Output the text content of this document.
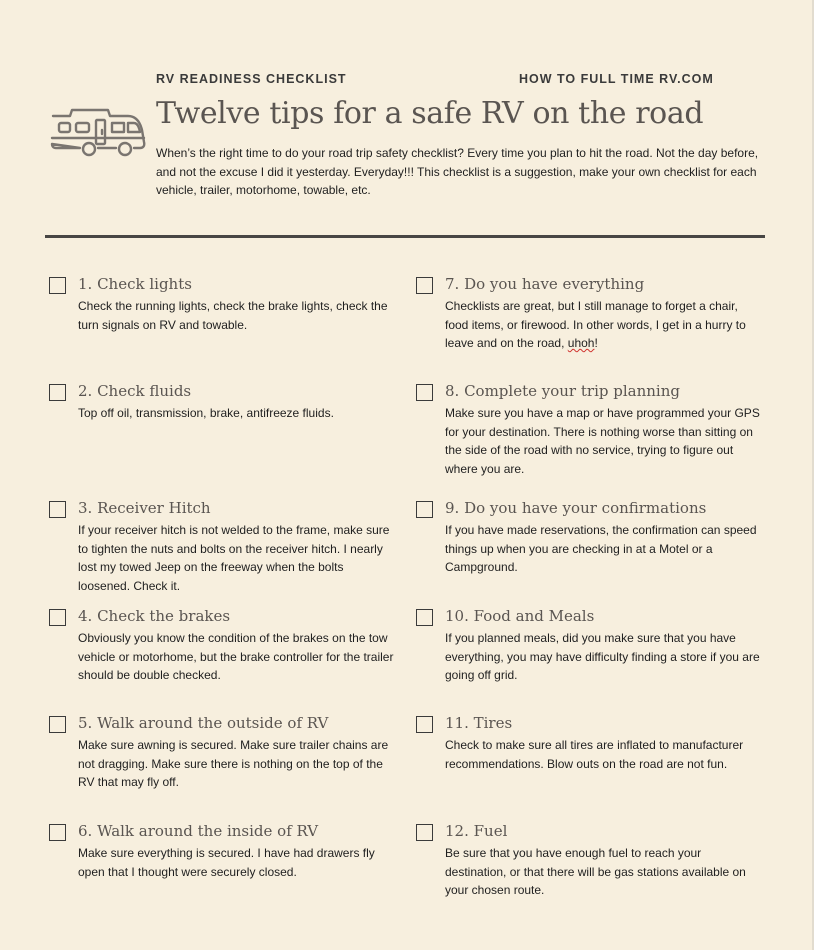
RV READINESS CHECKLIST	HOW TO FULL TIME RV.COM
Twelve tips for a safe RV on the road
When’s the right time to do your road trip safety checklist? Every time you plan to hit the road. Not the day before, and not the excuse I did it yesterday. Everyday!!! This checklist is a suggestion, make your own checklist for each vehicle, trailer, motorhome, towable, etc.
1. Check lights
Check the running lights, check the brake lights, check the turn signals on RV and towable.
2. Check fluids
Top off oil, transmission, brake, antifreeze fluids.
3. Receiver Hitch
If your receiver hitch is not welded to the frame, make sure to tighten the nuts and bolts on the receiver hitch. I nearly lost my towed Jeep on the freeway when the bolts loosened. Check it.
4. Check the brakes
Obviously you know the condition of the brakes on the tow vehicle or motorhome, but the brake controller for the trailer should be double checked.
5. Walk around the outside of RV
Make sure awning is secured. Make sure trailer chains are not dragging. Make sure there is nothing on the top of the RV that may fly off.
6. Walk around the inside of RV
Make sure everything is secured. I have had drawers fly open that I thought were securely closed.
7. Do you have everything
Checklists are great, but I still manage to forget a chair, food items, or firewood. In other words, I get in a hurry to leave and on the road, uhoh!
8. Complete your trip planning
Make sure you have a map or have programmed your GPS for your destination. There is nothing worse than sitting on the side of the road with no service, trying to figure out where you are.
9. Do you have your confirmations
If you have made reservations, the confirmation can speed things up when you are checking in at a Motel or a Campground.
10. Food and Meals
If you planned meals, did you make sure that you have everything, you may have difficulty finding a store if you are going off grid.
11. Tires
Check to make sure all tires are inflated to manufacturer recommendations. Blow outs on the road are not fun.
12. Fuel
Be sure that you have enough fuel to reach your destination, or that there will be gas stations available on your chosen route.
